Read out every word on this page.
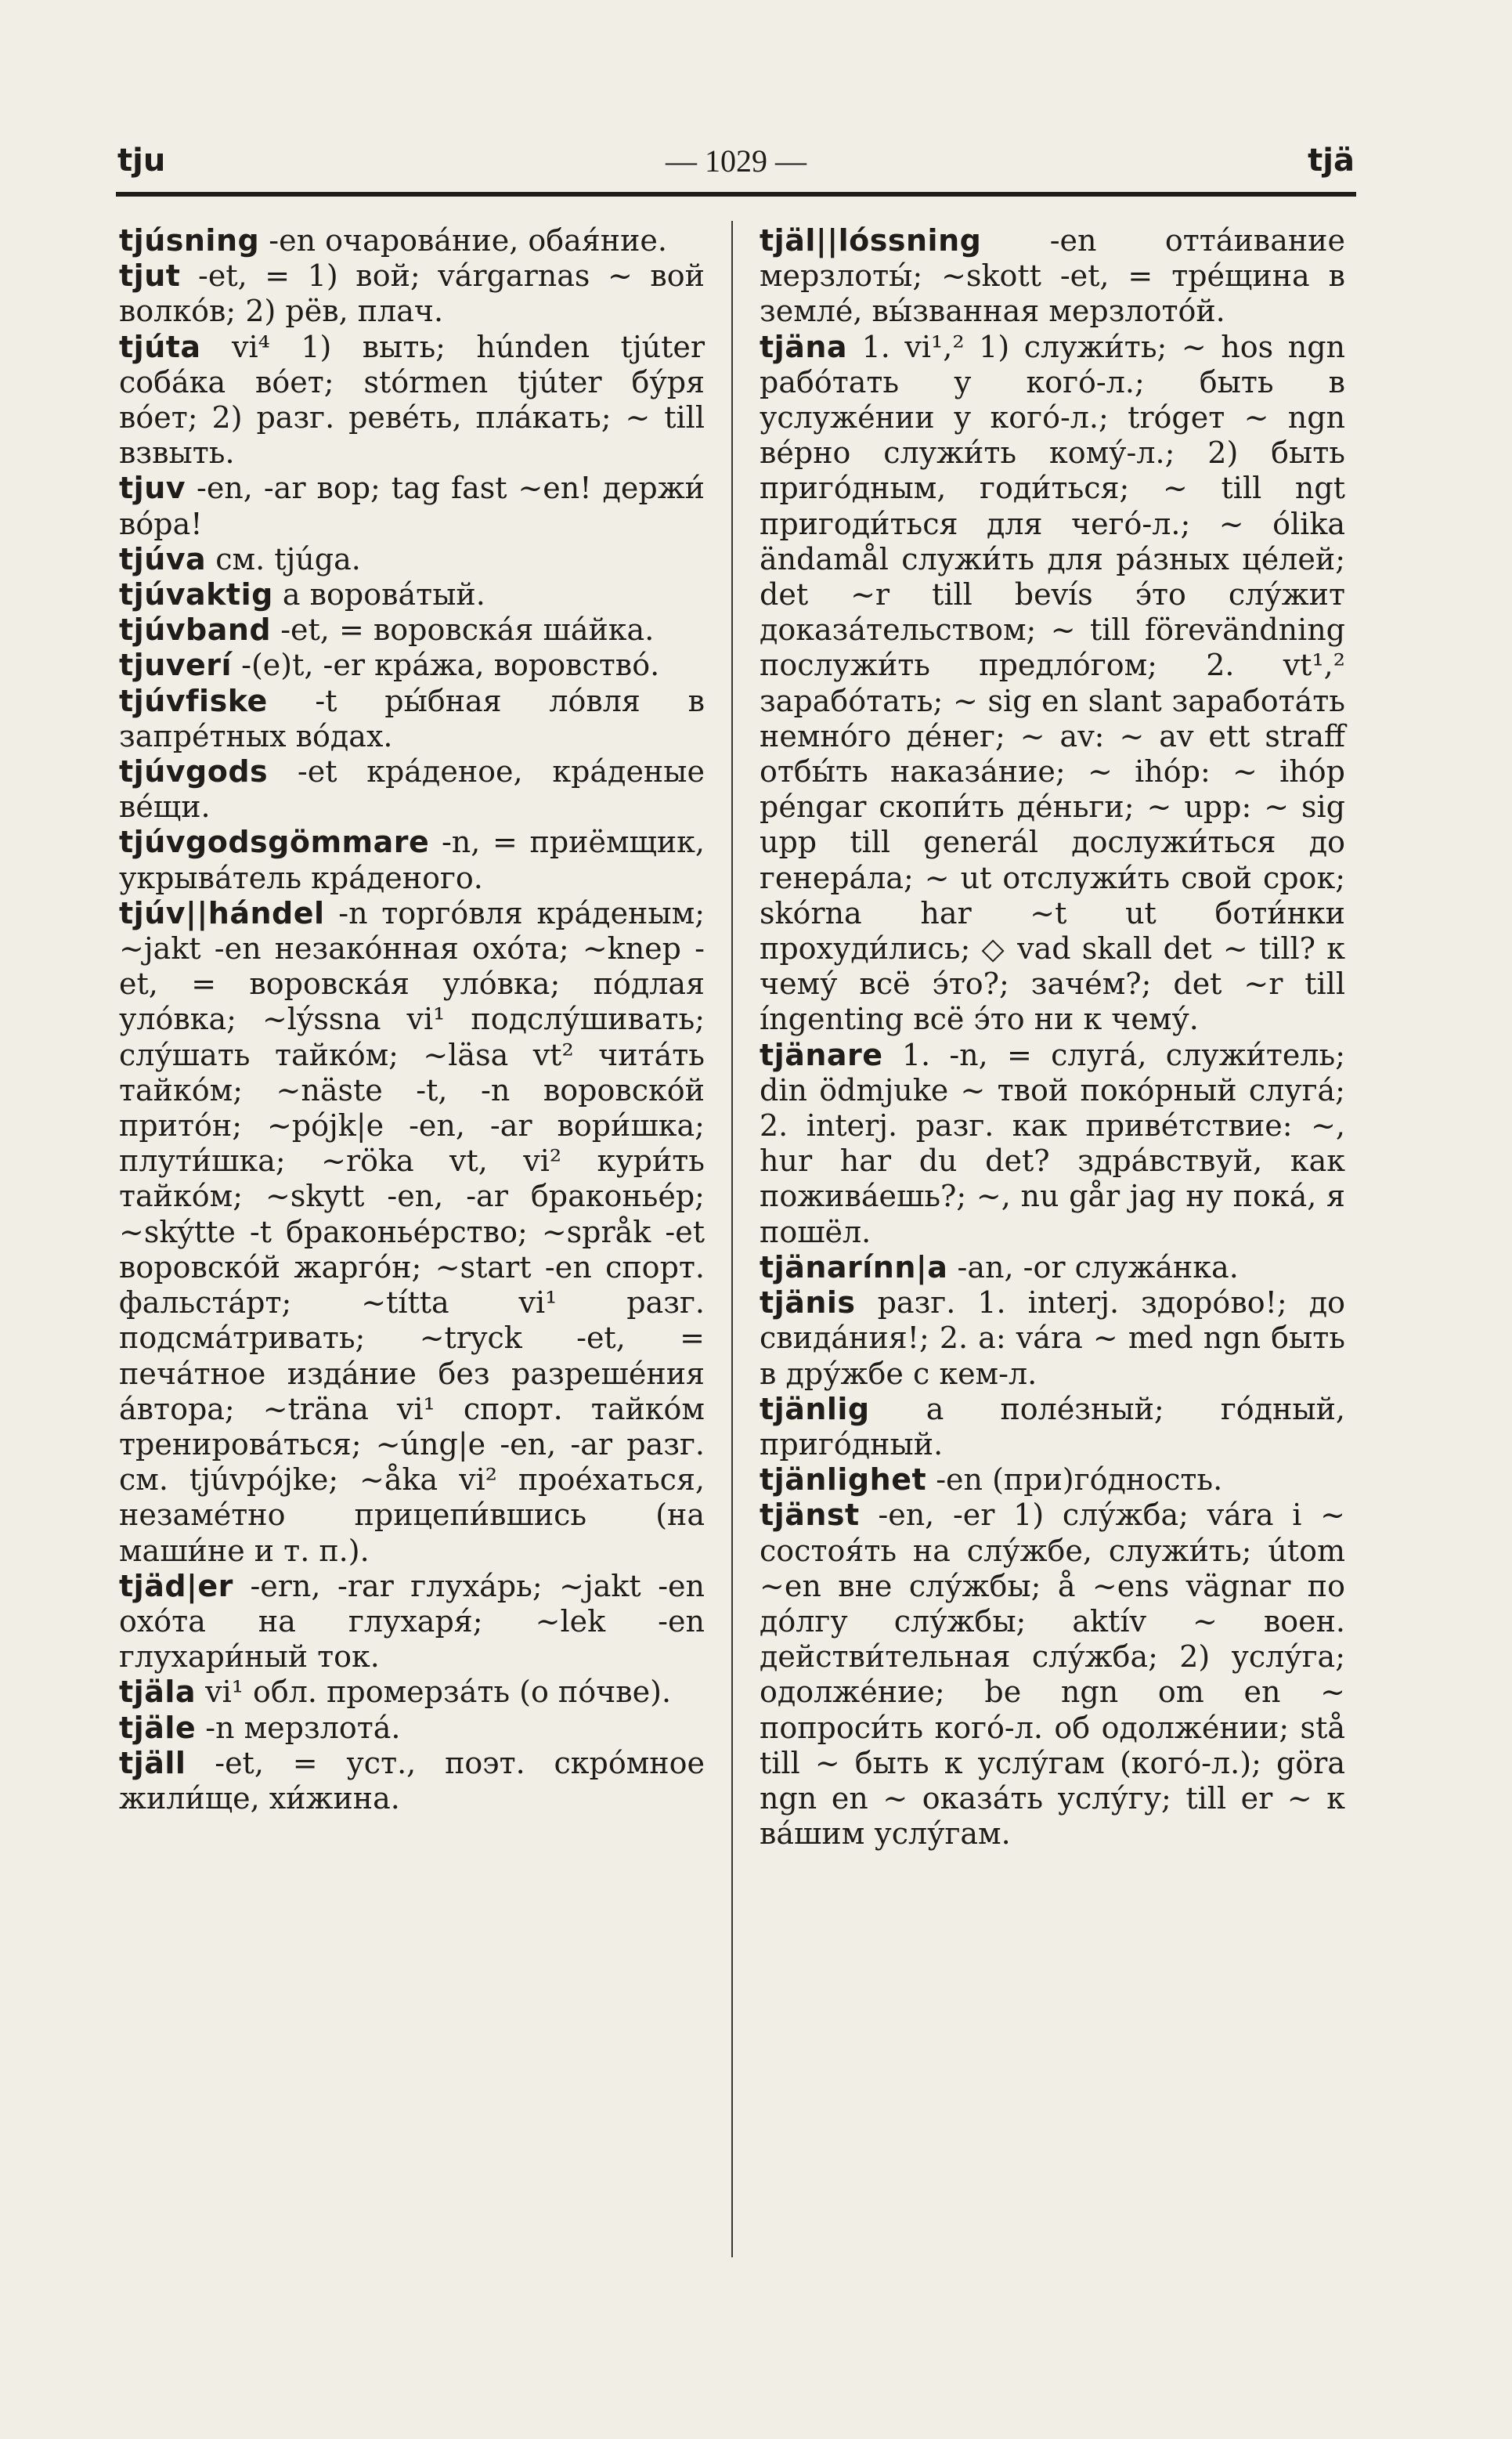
tju	— 1029 —	tjä

tjúsning -en очарова́ние, обая́ние.

tjut -et, = 1) вой; vа́rgarnas ~ вой волко́в; 2) рёв, плач.

tjúta vi⁴ 1) выть; húnden tjúter соба́ка во́ет; stórmen tjúter бу́ря во́ет; 2) разг. реве́ть, пла́кать; ~ till взвыть.

tjuv -en, -ar вор; tag fast ~en! держи́ во́ра!

tjúva см. tjúga.

tjúvaktig a ворова́тый.

tjúvband -et, = воровска́я ша́йка.

tjuverí -(e)t, -er кра́жа, воровство́.

tjúvfiske -t ры́бная ло́вля в запре́тных во́дах.

tjúvgods -et кра́деное, кра́деные ве́щи.

tjúvgodsgömmare -n, = приёмщик, укрыва́тель кра́деного.

tjúv||hándel -n торго́вля кра́деным; ~jakt -en незако́нная охо́та; ~knep -et, = воровска́я уло́вка; по́длая уло́вка; ~lýssna vi¹ подслу́шивать; слу́шать тайко́м; ~läsa vt² чита́ть тайко́м; ~näste -t, -n воровско́й прито́н; ~pójk|e -en, -ar вори́шка; плути́шка; ~röka vt, vi² кури́ть тайко́м; ~skytt -en, -ar браконье́р; ~skýtte -t браконье́рство; ~språk -et воровско́й жарго́н; ~start -en спорт. фальста́рт; ~títta vi¹ разг. подсма́тривать; ~tryck -et, = печа́тное изда́ние без разреше́ния а́втора; ~träna vi¹ спорт. тайко́м тренирова́ться; ~úng|e -en, -ar разг. см. tjúvpójke; ~åka vi² прое́хаться, незаме́тно прицепи́вшись (на маши́не и т. п.).

tjäd|er -ern, -rar глуха́рь; ~jakt -en охо́та на глухаря́; ~lek -en глухари́ный ток.

tjäla vi¹ обл. промерза́ть (о по́чве).

tjäle -n мерзлота́.

tjäll -et, = уст., поэт. скро́мное жили́ще, хи́жина.

tjäl||lóssning -en отта́ивание мерзлоты́; ~skott -et, = тре́щина в земле́, вы́званная мерзлото́й.

tjäna 1. vi¹,² 1) служи́ть; ~ hos ngn рабо́тать у кого́-л.; быть в услуже́нии у кого́-л.; trógет ~ ngn ве́рно служи́ть кому́-л.; 2) быть приго́дным, годи́ться; ~ till ngt пригоди́ться для чего́-л.; ~ ólika ändamål служи́ть для ра́зных це́лей; det ~r till bevís э́то слу́жит доказа́тельством; ~ till förevändning послужи́ть предло́гом; 2. vt¹,² зарабо́тать; ~ sig en slant заработа́ть немно́го де́нег; ~ av: ~ av ett straff отбы́ть наказа́ние; ~ ihóp: ~ ihóp péngar скопи́ть де́ньги; ~ upp: ~ sig upp till generál дослужи́ться до генера́ла; ~ ut отслужи́ть свой срок; skórna har ~t ut боти́нки прохуди́лись; ◇ vad skall det ~ till? к чему́ всё э́то?; заче́м?; det ~r till íngenting всё э́то ни к чему́.

tjänare 1. -n, = слуга́, служи́тель; din ödmjuke ~ твой поко́рный слуга́; 2. interj. разг. как приве́тствие: ~, hur har du det? здра́вствуй, как пожива́ешь?; ~, nu går jag ну пока́, я пошёл.

tjänarínn|a -an, -or служа́нка.

tjänis разг. 1. interj. здоро́во!; до свида́ния!; 2. a: vа́ra ~ med ngn быть в дру́жбе с кем-л.

tjänlig a поле́зный; го́дный, приго́дный.

tjänlighet -en (при)го́дность.

tjänst -en, -er 1) слу́жба; vа́ra i ~ состоя́ть на слу́жбе, служи́ть; útom ~en вне слу́жбы; å ~ens vägnar по до́лгу слу́жбы; aktív ~ воен. действи́тельная слу́жба; 2) услу́га; одолже́ние; be ngn om en ~ попроси́ть кого́-л. об одолже́нии; stå till ~ быть к услу́гам (кого́-л.); göra ngn en ~ оказа́ть услу́гу; till er ~ к ва́шим услу́гам.
